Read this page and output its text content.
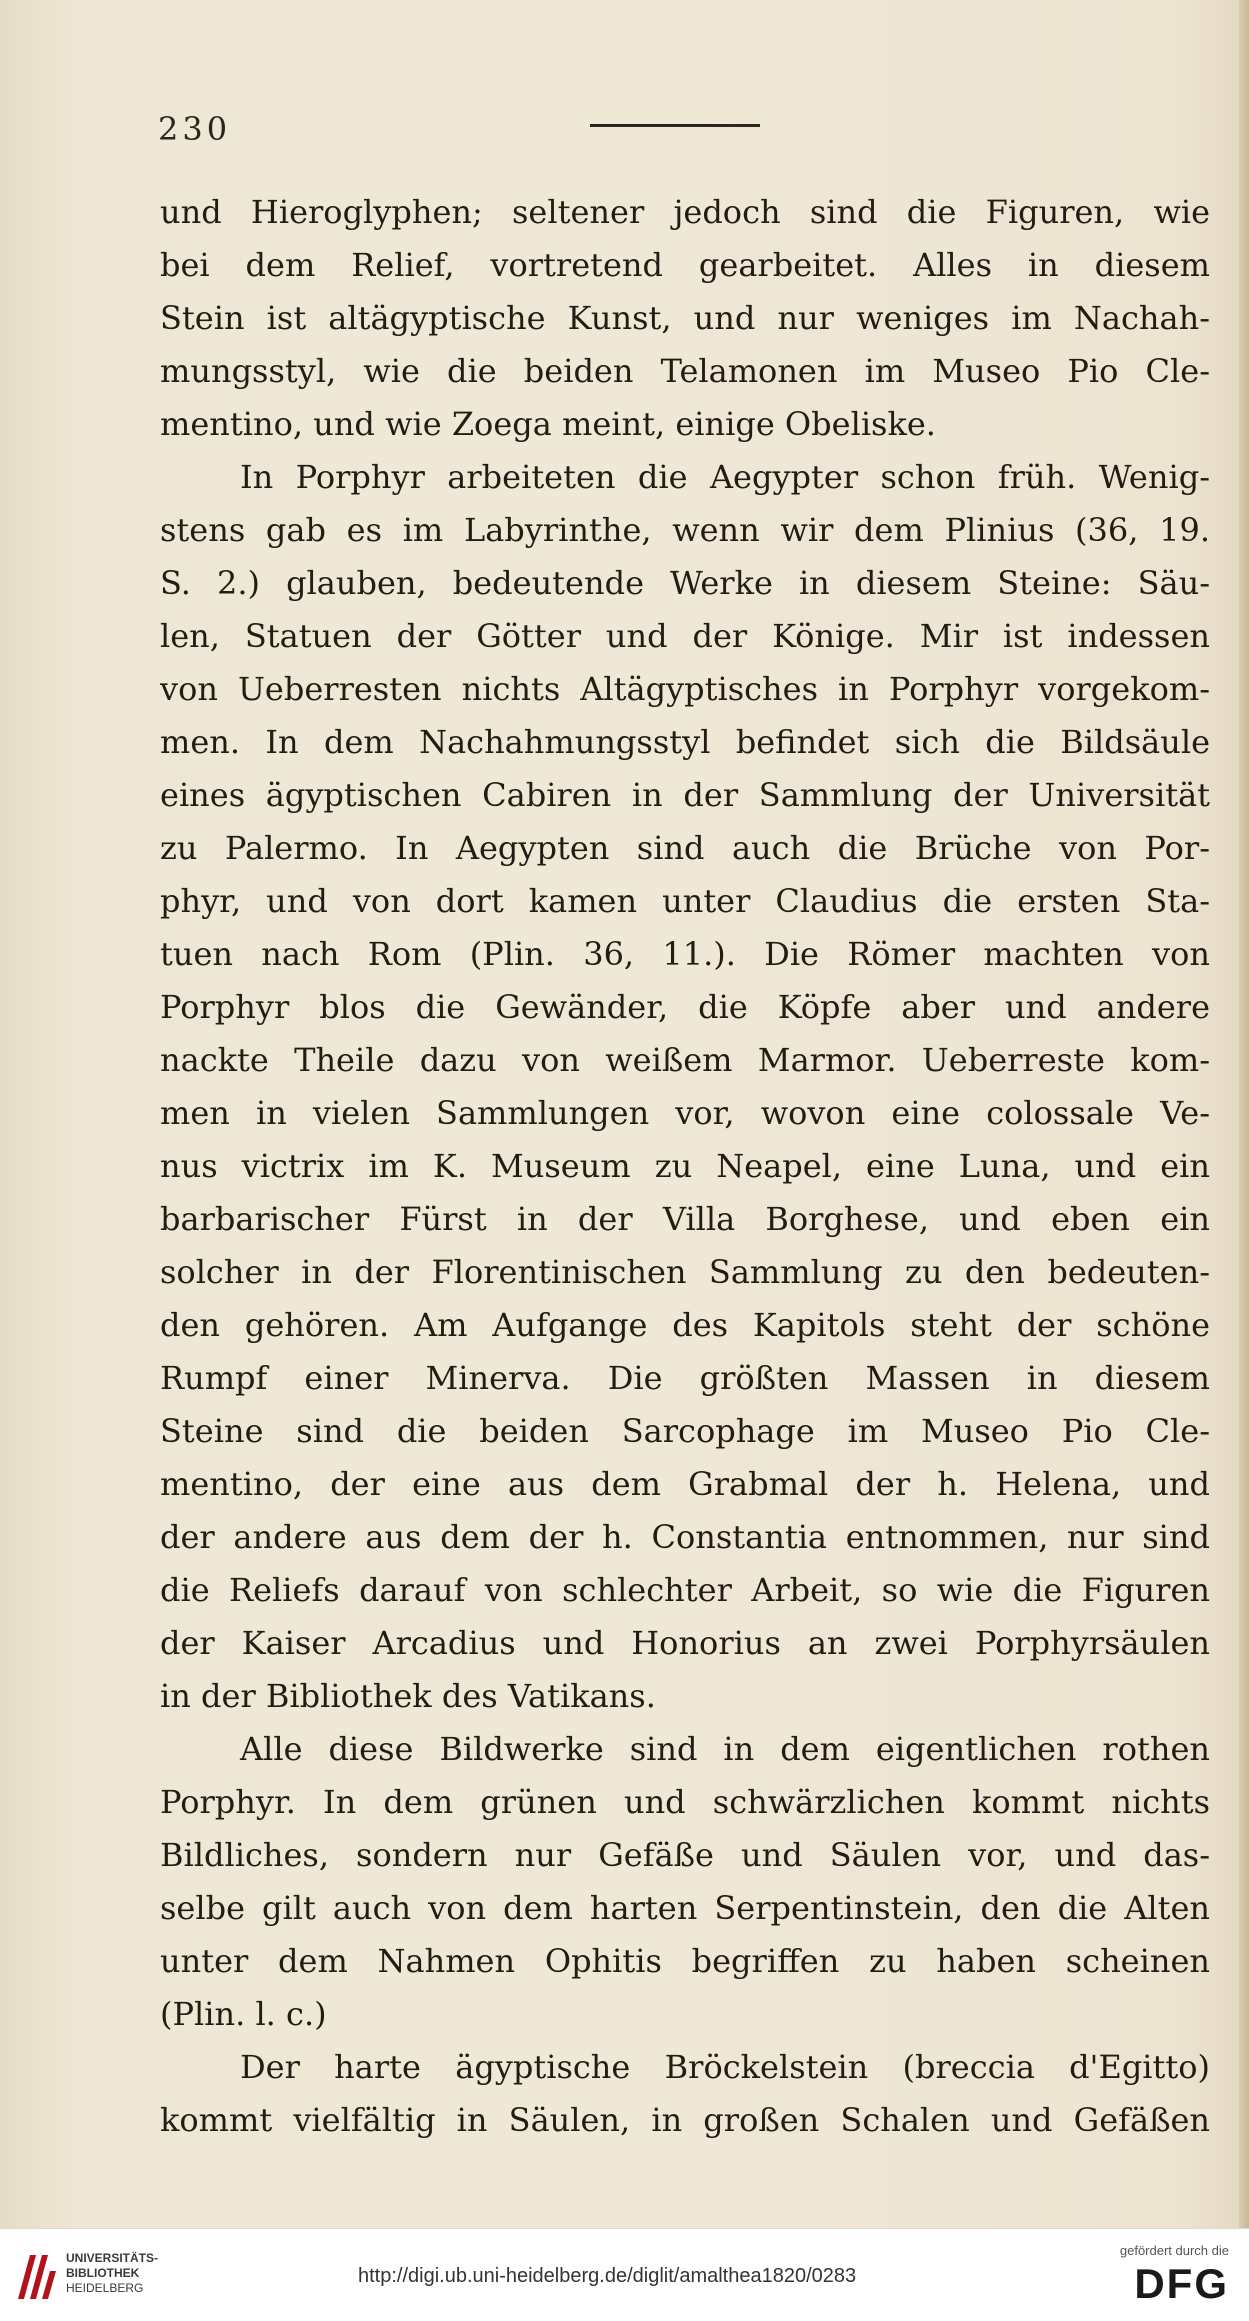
230
und Hieroglyphen; seltener jedoch sind die Figuren, wie
bei dem Relief, vortretend gearbeitet. Alles in diesem
Stein ist altägyptische Kunst, und nur weniges im Nachah-
mungsstyl, wie die beiden Telamonen im Museo Pio Cle-
mentino, und wie Zoega meint, einige Obeliske.
In Porphyr arbeiteten die Aegypter schon früh. Wenig-
stens gab es im Labyrinthe, wenn wir dem Plinius (36, 19.
S. 2.) glauben, bedeutende Werke in diesem Steine: Säu-
len, Statuen der Götter und der Könige. Mir ist indessen
von Ueberresten nichts Altägyptisches in Porphyr vorgekom-
men. In dem Nachahmungsstyl befindet sich die Bildsäule
eines ägyptischen Cabiren in der Sammlung der Universität
zu Palermo. In Aegypten sind auch die Brüche von Por-
phyr, und von dort kamen unter Claudius die ersten Sta-
tuen nach Rom (Plin. 36, 11.). Die Römer machten von
Porphyr blos die Gewänder, die Köpfe aber und andere
nackte Theile dazu von weißem Marmor. Ueberreste kom-
men in vielen Sammlungen vor, wovon eine colossale Ve-
nus victrix im K. Museum zu Neapel, eine Luna, und ein
barbarischer Fürst in der Villa Borghese, und eben ein
solcher in der Florentinischen Sammlung zu den bedeuten-
den gehören. Am Aufgange des Kapitols steht der schöne
Rumpf einer Minerva. Die größten Massen in diesem
Steine sind die beiden Sarcophage im Museo Pio Cle-
mentino, der eine aus dem Grabmal der h. Helena, und
der andere aus dem der h. Constantia entnommen, nur sind
die Reliefs darauf von schlechter Arbeit, so wie die Figuren
der Kaiser Arcadius und Honorius an zwei Porphyrsäulen
in der Bibliothek des Vatikans.
Alle diese Bildwerke sind in dem eigentlichen rothen
Porphyr. In dem grünen und schwärzlichen kommt nichts
Bildliches, sondern nur Gefäße und Säulen vor, und das-
selbe gilt auch von dem harten Serpentinstein, den die Alten
unter dem Nahmen Ophitis begriffen zu haben scheinen
(Plin. l. c.)
Der harte ägyptische Bröckelstein (breccia d'Egitto)
kommt vielfältig in Säulen, in großen Schalen und Gefäßen
UNIVERSITÄTS-
BIBLIOTHEK
HEIDELBERG
http://digi.ub.uni-heidelberg.de/diglit/amalthea1820/0283
gefördert durch die
DFG
